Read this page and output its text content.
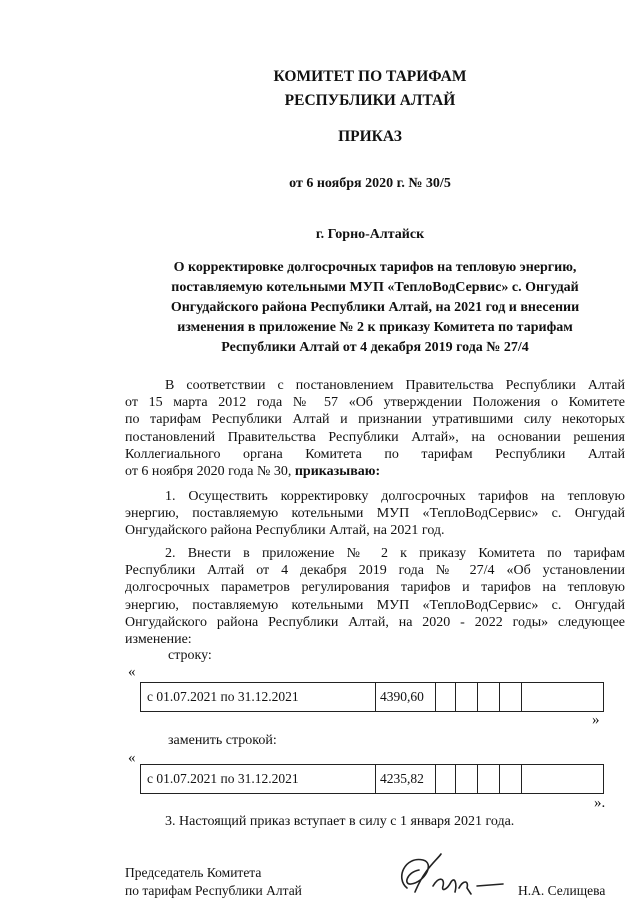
КОМИТЕТ ПО ТАРИФАМ
РЕСПУБЛИКИ АЛТАЙ
ПРИКАЗ
от 6 ноября 2020 г. № 30/5
г. Горно-Алтайск
О корректировке долгосрочных тарифов на тепловую энергию,
поставляемую котельными МУП «ТеплоВодСервис» с. Онгудай
Онгудайского района Республики Алтай, на 2021 год и внесении
изменения в приложение № 2 к приказу Комитета по тарифам
Республики Алтай от 4 декабря 2019 года № 27/4
В соответствии с постановлением Правительства Республики Алтай
от 15 марта 2012 года № 57 «Об утверждении Положения о Комитете
по тарифам Республики Алтай и признании утратившими силу некоторых
постановлений Правительства Республики Алтай», на основании решения
Коллегиального органа Комитета по тарифам Республики Алтай
от 6 ноября 2020 года № 30, приказываю:
1. Осуществить корректировку долгосрочных тарифов на тепловую
энергию, поставляемую котельными МУП «ТеплоВодСервис» с. Онгудай
Онгудайского района Республики Алтай, на 2021 год.
2. Внести в приложение № 2 к приказу Комитета по тарифам
Республики Алтай от 4 декабря 2019 года № 27/4 «Об установлении
долгосрочных параметров регулирования тарифов и тарифов на тепловую
энергию, поставляемую котельными МУП «ТеплоВодСервис» с. Онгудай
Онгудайского района Республики Алтай, на 2020 - 2022 годы» следующее
изменение:
строку:
«
с 01.07.2021 по 31.12.2021	4390,60
»
заменить строкой:
«
с 01.07.2021 по 31.12.2021	4235,82
».
3. Настоящий приказ вступает в силу с 1 января 2021 года.
Председатель Комитета
по тарифам Республики Алтай	Н.А. Селищева
